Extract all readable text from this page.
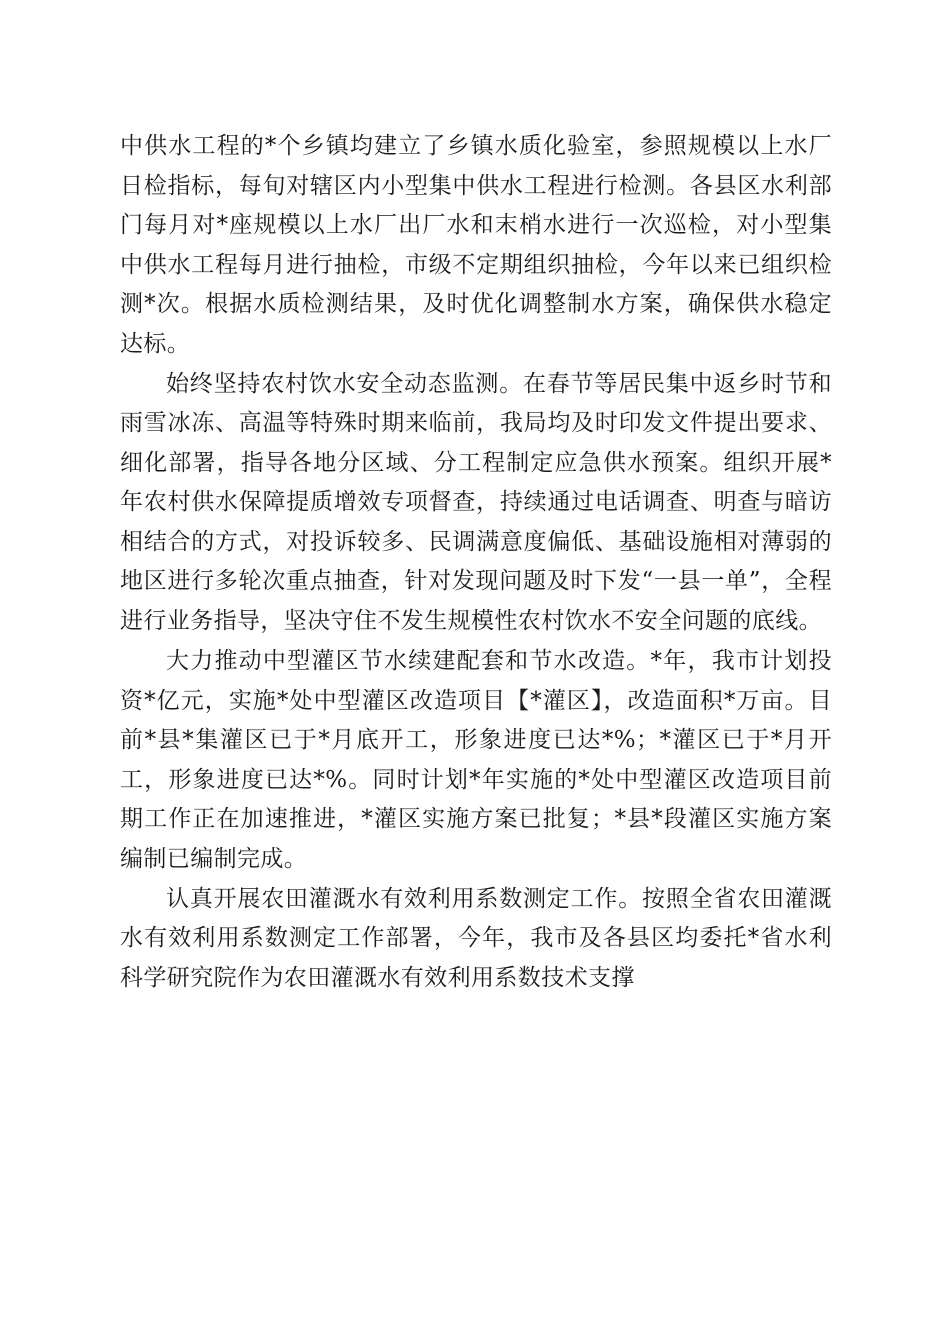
中供水工程的*个乡镇均建立了乡镇水质化验室，参照规模以上水厂日检指标，每旬对辖区内小型集中供水工程进行检测。各县区水利部门每月对*座规模以上水厂出厂水和末梢水进行一次巡检，对小型集中供水工程每月进行抽检，市级不定期组织抽检，今年以来已组织检测*次。根据水质检测结果，及时优化调整制水方案，确保供水稳定达标。

始终坚持农村饮水安全动态监测。在春节等居民集中返乡时节和雨雪冰冻、高温等特殊时期来临前，我局均及时印发文件提出要求、细化部署，指导各地分区域、分工程制定应急供水预案。组织开展*年农村供水保障提质增效专项督查，持续通过电话调查、明查与暗访相结合的方式，对投诉较多、民调满意度偏低、基础设施相对薄弱的地区进行多轮次重点抽查，针对发现问题及时下发“一县一单”，全程进行业务指导，坚决守住不发生规模性农村饮水不安全问题的底线。

大力推动中型灌区节水续建配套和节水改造。*年，我市计划投资*亿元，实施*处中型灌区改造项目【*灌区】，改造面积*万亩。目前*县*集灌区已于*月底开工，形象进度已达*%；*灌区已于*月开工，形象进度已达*%。同时计划*年实施的*处中型灌区改造项目前期工作正在加速推进，*灌区实施方案已批复；*县*段灌区实施方案编制已编制完成。

认真开展农田灌溉水有效利用系数测定工作。按照全省农田灌溉水有效利用系数测定工作部署，今年，我市及各县区均委托*省水利科学研究院作为农田灌溉水有效利用系数技术支撑
